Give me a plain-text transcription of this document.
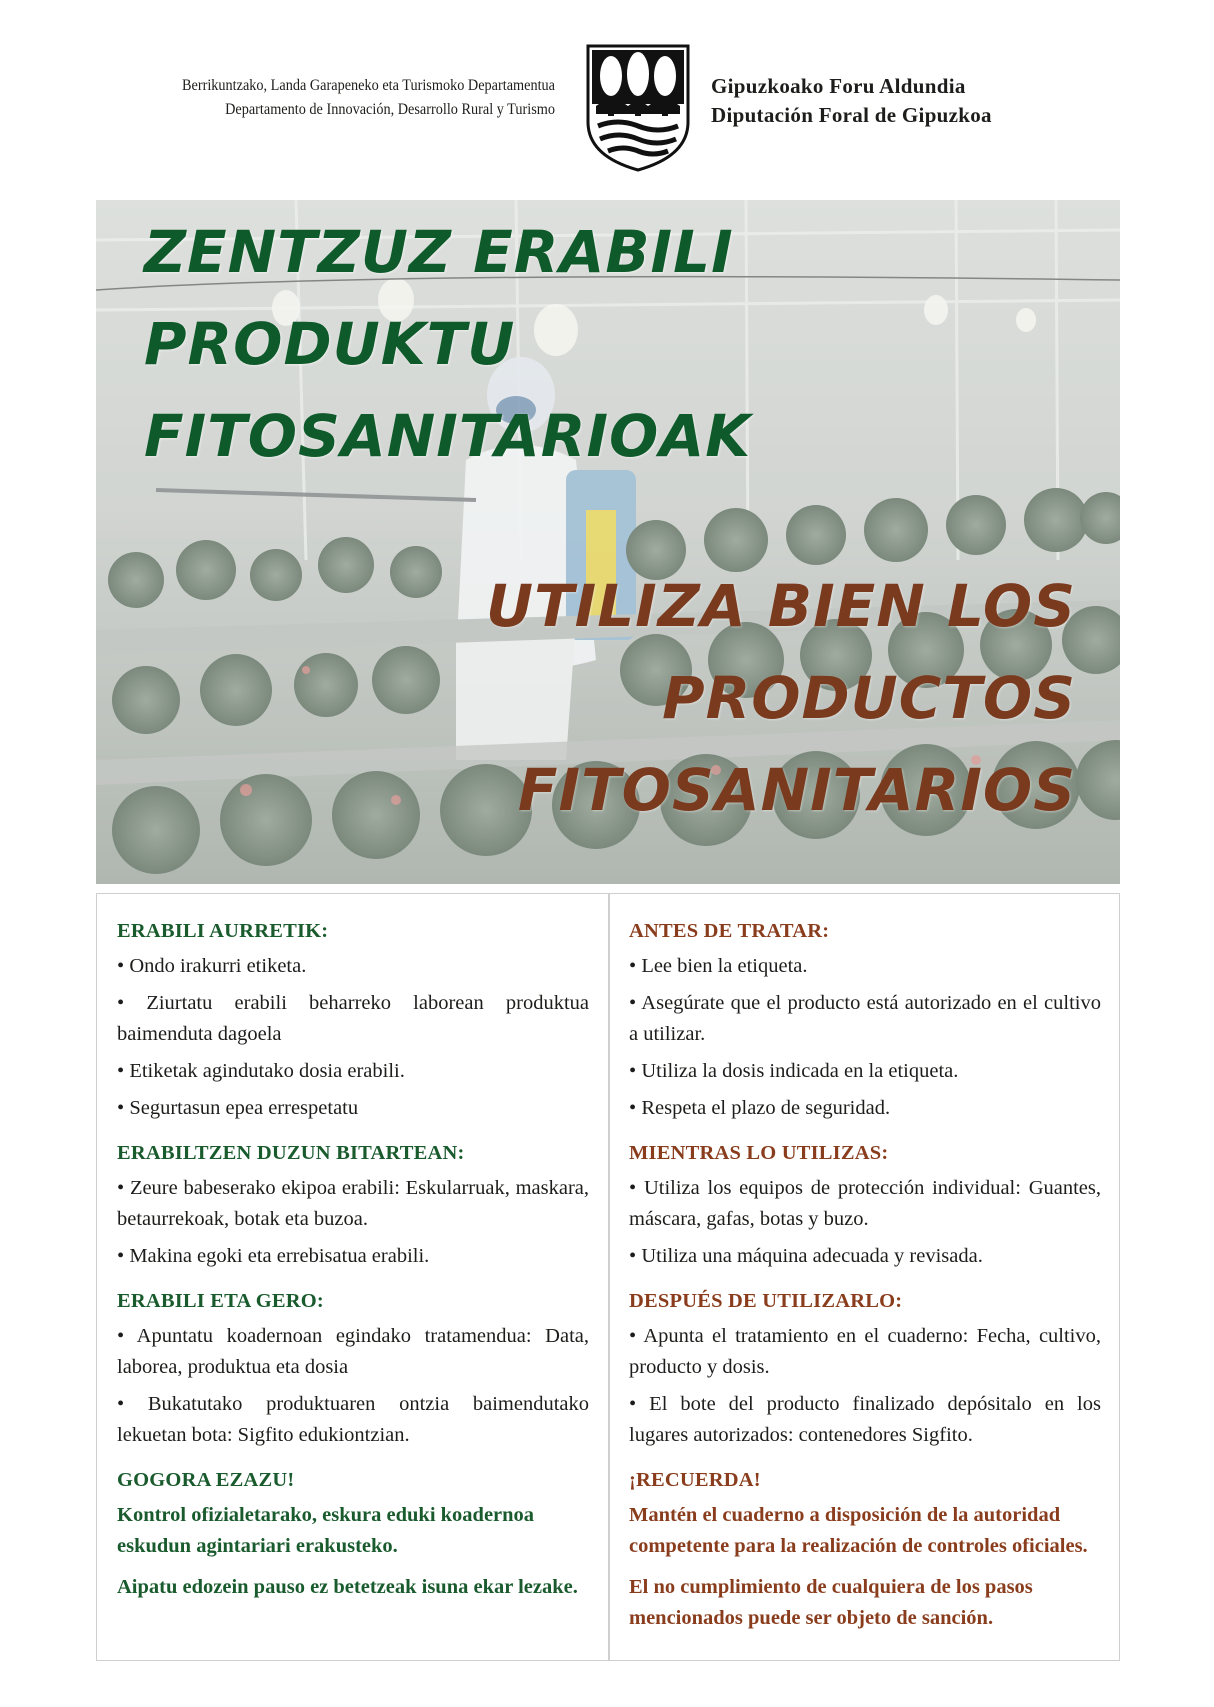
Berrikuntzako, Landa Garapeneko eta Turismoko Departamentua
Departamento de Innovación, Desarrollo Rural y Turismo
Gipuzkoako Foru Aldundia
Diputación Foral de Gipuzkoa
ZENTZUZ ERABILI
PRODUKTU
FITOSANITARIOAK
UTILIZA BIEN LOS
PRODUCTOS
FITOSANITARIOS
ERABILI AURRETIK:
• Ondo irakurri etiketa.
• Ziurtatu erabili beharreko laborean produktua baimenduta dagoela
• Etiketak agindutako dosia erabili.
• Segurtasun epea errespetatu
ERABILTZEN DUZUN BITARTEAN:
• Zeure babeserako ekipoa erabili: Eskularruak, maskara, betaurrekoak, botak eta buzoa.
• Makina egoki eta errebisatua erabili.
ERABILI ETA GERO:
• Apuntatu koadernoan egindako tratamendua: Data, laborea, produktua eta dosia
• Bukatutako produktuaren ontzia baimendutako lekuetan bota: Sigfito edukiontzian.
GOGORA EZAZU!

Kontrol ofizialetarako, eskura eduki koadernoa eskudun agintariari erakusteko.

Aipatu edozein pauso ez betetzeak isuna ekar lezake.

ANTES DE TRATAR:
• Lee bien la etiqueta.
• Asegúrate que el producto está autorizado en el cultivo a utilizar.
• Utiliza la dosis indicada en la etiqueta.
• Respeta el plazo de seguridad.
MIENTRAS LO UTILIZAS:
• Utiliza los equipos de protección individual: Guantes, máscara, gafas, botas y buzo.
• Utiliza una máquina adecuada y revisada.
DESPUÉS DE UTILIZARLO:
• Apunta el tratamiento en el cuaderno: Fecha, cultivo, producto y dosis.
• El bote del producto finalizado depósitalo en los lugares autorizados: contenedores Sigfito.
¡RECUERDA!

Mantén el cuaderno a disposición de la autoridad competente para la realización de controles oficiales.

El no cumplimiento de cualquiera de los pasos mencionados puede ser objeto de sanción.
